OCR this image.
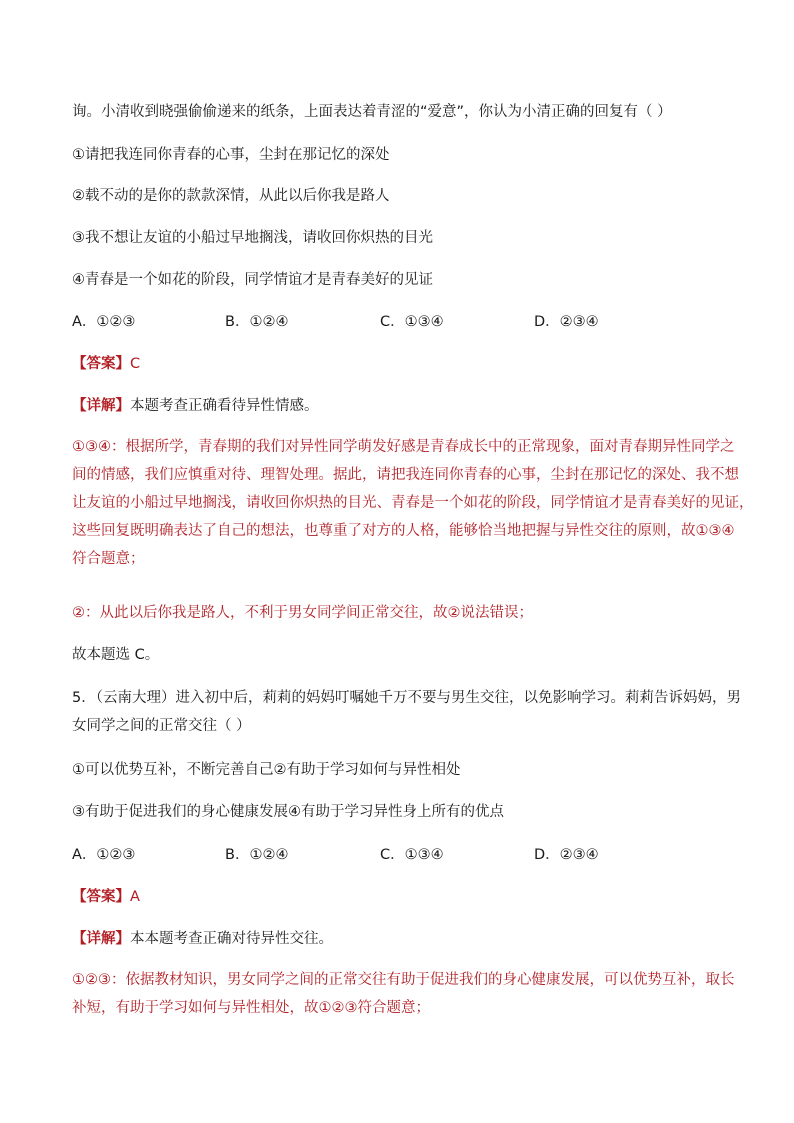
询。小清收到晓强偷偷递来的纸条，上面表达着青涩的“爱意”，你认为小清正确的回复有（ ）
①请把我连同你青春的心事，尘封在那记忆的深处
②载不动的是你的款款深情，从此以后你我是路人
③我不想让友谊的小船过早地搁浅，请收回你炽热的目光
④青春是一个如花的阶段，同学情谊才是青春美好的见证
A．①②③	B．①②④	C．①③④	D．②③④
【答案】C
【详解】本题考查正确看待异性情感。
①③④：根据所学，青春期的我们对异性同学萌发好感是青春成长中的正常现象，面对青春期异性同学之
间的情感，我们应慎重对待、理智处理。据此，请把我连同你青春的心事，尘封在那记忆的深处、我不想
让友谊的小船过早地搁浅，请收回你炽热的目光、青春是一个如花的阶段，同学情谊才是青春美好的见证，
这些回复既明确表达了自己的想法，也尊重了对方的人格，能够恰当地把握与异性交往的原则，故①③④
符合题意；
②：从此以后你我是路人，不利于男女同学间正常交往，故②说法错误；
故本题选 C。
5．（云南大理）进入初中后，莉莉的妈妈叮嘱她千万不要与男生交往，以免影响学习。莉莉告诉妈妈，男
女同学之间的正常交往（ ）
①可以优势互补，不断完善自己②有助于学习如何与异性相处
③有助于促进我们的身心健康发展④有助于学习异性身上所有的优点
A．①②③	B．①②④	C．①③④	D．②③④
【答案】A
【详解】本本题考查正确对待异性交往。
①②③：依据教材知识，男女同学之间的正常交往有助于促进我们的身心健康发展，可以优势互补，取长
补短，有助于学习如何与异性相处，故①②③符合题意；
